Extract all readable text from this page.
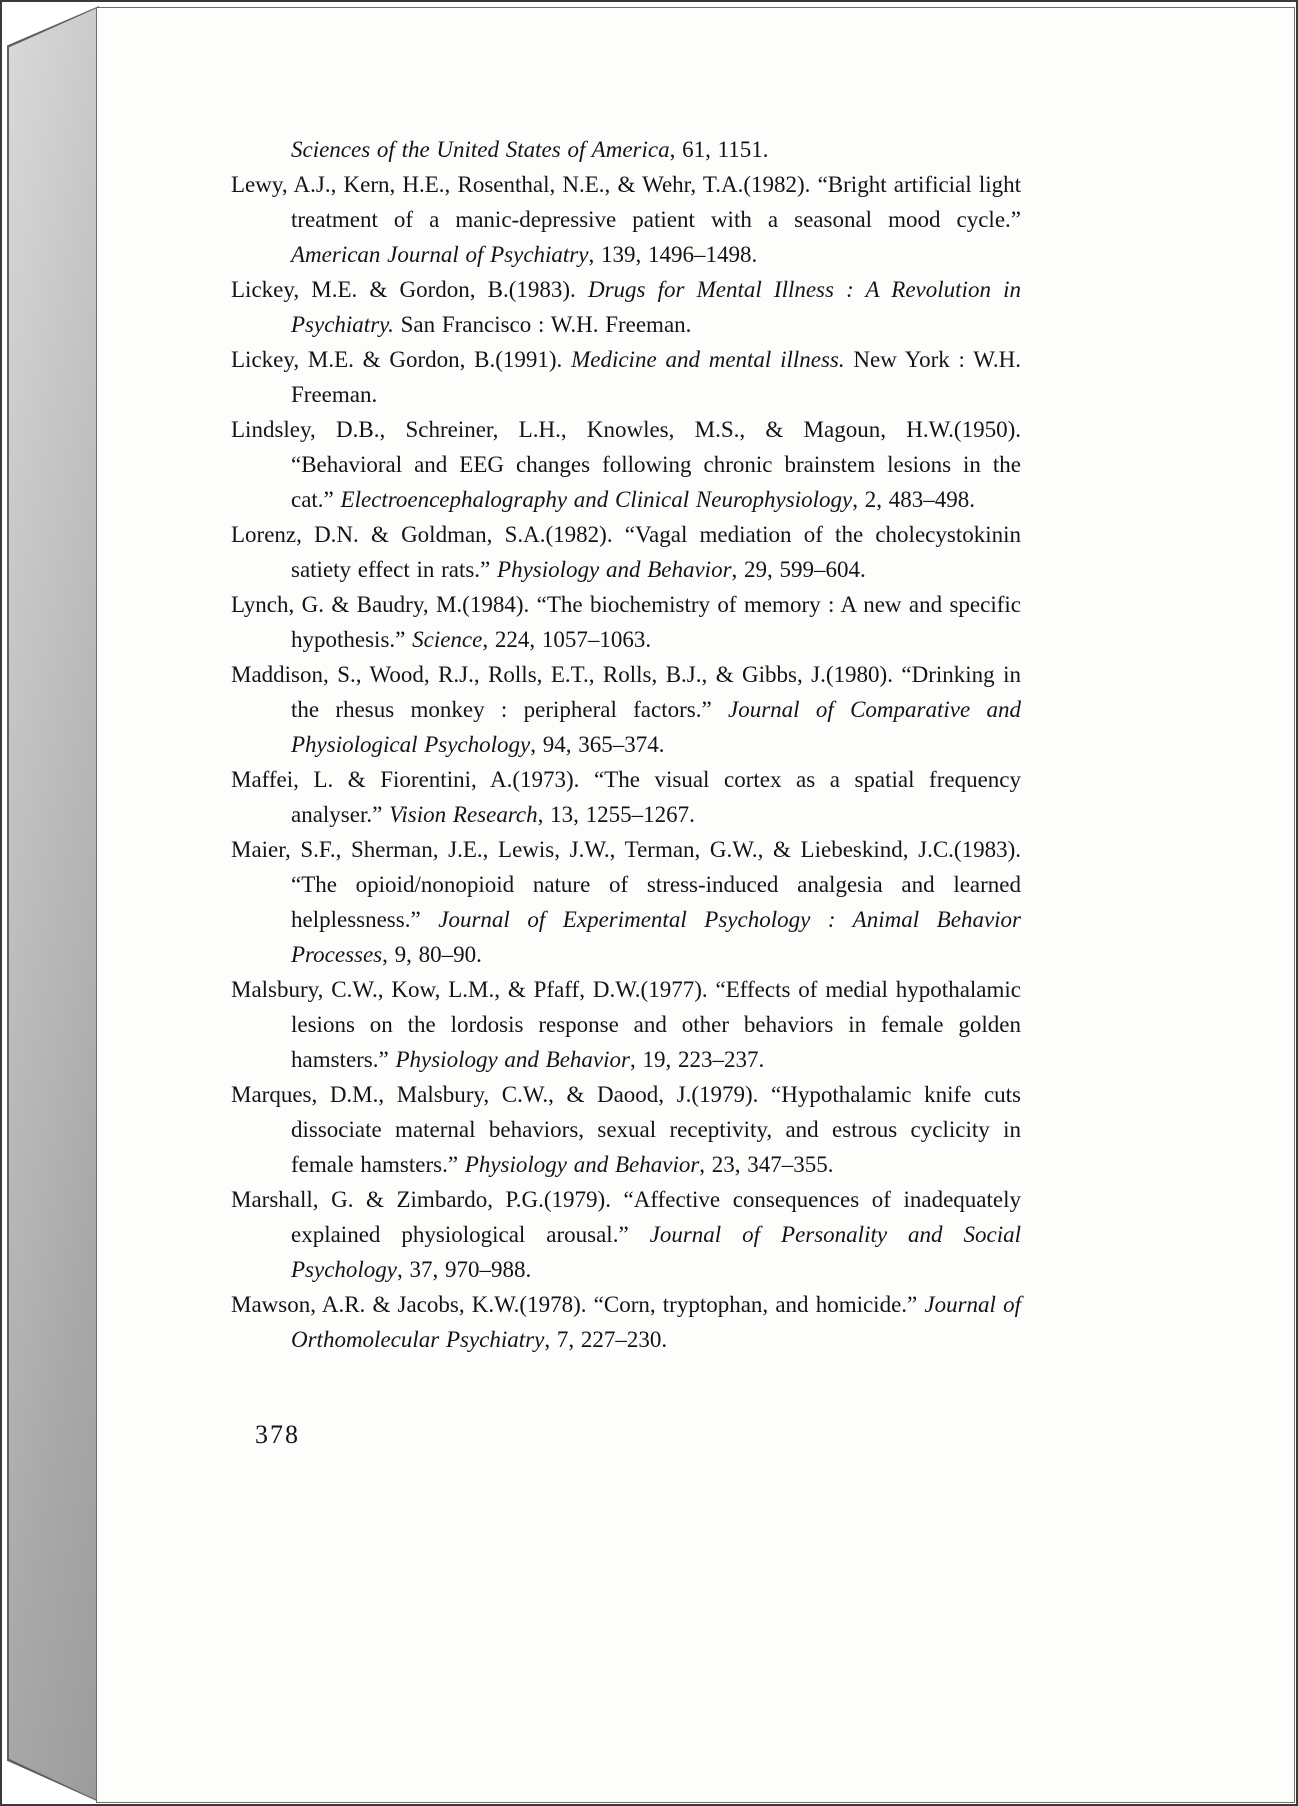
Sciences of the United States of America, 61, 1151.

Lewy, A.J., Kern, H.E., Rosenthal, N.E., & Wehr, T.A.(1982). “Bright artificial light treatment of a manic-depressive patient with a seasonal mood cycle.” American Journal of Psychiatry, 139, 1496–1498.

Lickey, M.E. & Gordon, B.(1983). Drugs for Mental Illness : A Revolution in Psychiatry. San Francisco : W.H. Freeman.

Lickey, M.E. & Gordon, B.(1991). Medicine and mental illness. New York : W.H. Freeman.

Lindsley, D.B., Schreiner, L.H., Knowles, M.S., & Magoun, H.W.(1950). “Behavioral and EEG changes following chronic brainstem lesions in the cat.” Electroencephalography and Clinical Neurophysiology, 2, 483–498.

Lorenz, D.N. & Goldman, S.A.(1982). “Vagal mediation of the cholecystokinin satiety effect in rats.” Physiology and Behavior, 29, 599–604.

Lynch, G. & Baudry, M.(1984). “The biochemistry of memory : A new and specific hypothesis.” Science, 224, 1057–1063.

Maddison, S., Wood, R.J., Rolls, E.T., Rolls, B.J., & Gibbs, J.(1980). “Drinking in the rhesus monkey : peripheral factors.” Journal of Comparative and Physiological Psychology, 94, 365–374.

Maffei, L. & Fiorentini, A.(1973). “The visual cortex as a spatial frequency analyser.” Vision Research, 13, 1255–1267.

Maier, S.F., Sherman, J.E., Lewis, J.W., Terman, G.W., & Liebeskind, J.C.(1983). “The opioid/nonopioid nature of stress-induced analgesia and learned helplessness.” Journal of Experimental Psychology : Animal Behavior Processes, 9, 80–90.

Malsbury, C.W., Kow, L.M., & Pfaff, D.W.(1977). “Effects of medial hypothalamic lesions on the lordosis response and other behaviors in female golden hamsters.” Physiology and Behavior, 19, 223–237.

Marques, D.M., Malsbury, C.W., & Daood, J.(1979). “Hypothalamic knife cuts dissociate maternal behaviors, sexual receptivity, and estrous cyclicity in female hamsters.” Physiology and Behavior, 23, 347–355.

Marshall, G. & Zimbardo, P.G.(1979). “Affective consequences of inadequately explained physiological arousal.” Journal of Personality and Social Psychology, 37, 970–988.

Mawson, A.R. & Jacobs, K.W.(1978). “Corn, tryptophan, and homicide.” Journal of Orthomolecular Psychiatry, 7, 227–230.

378
